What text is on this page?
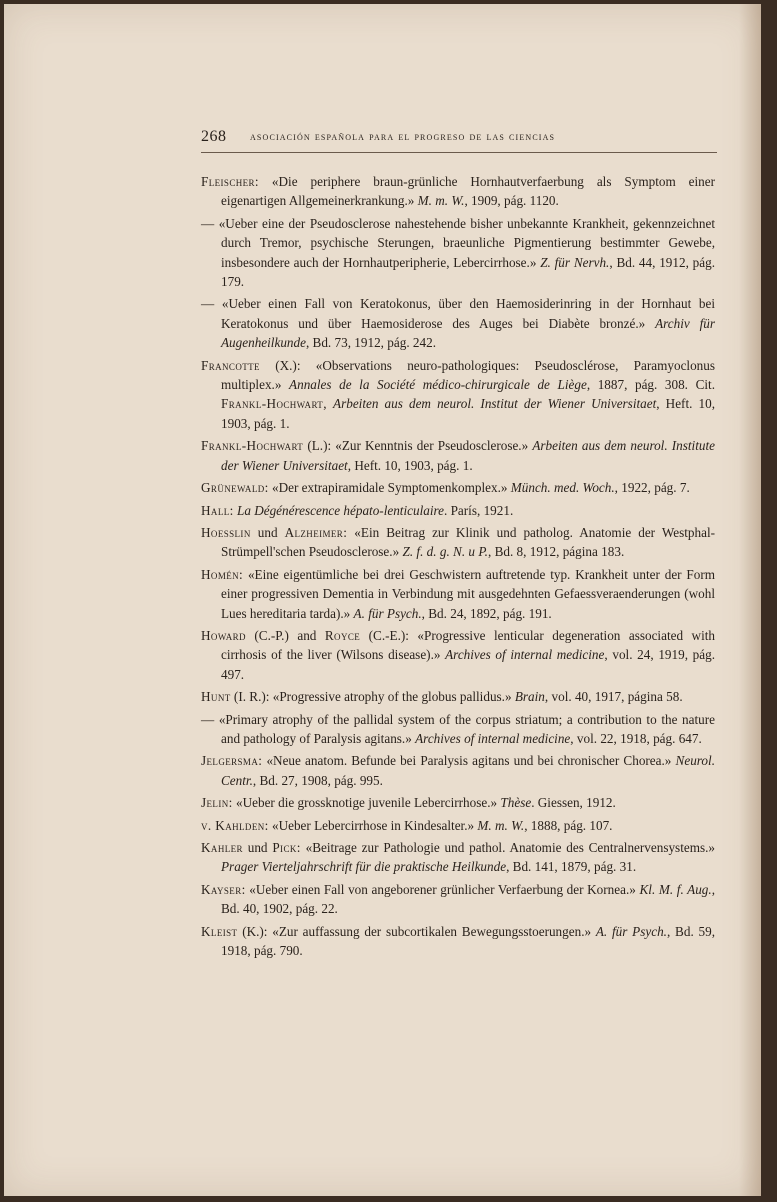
268 asociación española para el progreso de las ciencias

Fleischer: «Die periphere braun-grünliche Hornhautverfaerbung als Symptom einer eigenartigen Allgemeinerkrankung.» M. m. W., 1909, pág. 1120.

— «Ueber eine der Pseudosclerose nahestehende bisher unbekannte Krankheit, gekennzeichnet durch Tremor, psychische Sterungen, braeunliche Pigmentierung bestimmter Gewebe, insbesondere auch der Hornhautperipherie, Lebercirrhose.» Z. für Nervh., Bd. 44, 1912, pág. 179.

— «Ueber einen Fall von Keratokonus, über den Haemosiderinring in der Hornhaut bei Keratokonus und über Haemosiderose des Auges bei Diabète bronzé.» Archiv für Augenheilkunde, Bd. 73, 1912, pág. 242.

Francotte (X.): «Observations neuro-pathologiques: Pseudosclérose, Paramyoclonus multiplex.» Annales de la Société médico-chirurgicale de Liège, 1887, pág. 308. Cit. Frankl-Hochwart, Arbeiten aus dem neurol. Institut der Wiener Universitaet, Heft. 10, 1903, pág. 1.

Frankl-Hochwart (L.): «Zur Kenntnis der Pseudosclerose.» Arbeiten aus dem neurol. Institute der Wiener Universitaet, Heft. 10, 1903, pág. 1.

Grünewald: «Der extrapiramidale Symptomenkomplex.» Münch. med. Woch., 1922, pág. 7.

Hall: La Dégénérescence hépato-lenticulaire. París, 1921.

Hoesslin und Alzheimer: «Ein Beitrag zur Klinik und patholog. Anatomie der Westphal-Strümpell'schen Pseudosclerose.» Z. f. d. g. N. u P., Bd. 8, 1912, página 183.

Homén: «Eine eigentümliche bei drei Geschwistern auftretende typ. Krankheit unter der Form einer progressiven Dementia in Verbindung mit ausgedehnten Gefaessveraenderungen (wohl Lues hereditaria tarda).» A. für Psych., Bd. 24, 1892, pág. 191.

Howard (C.-P.) and Royce (C.-E.): «Progressive lenticular degeneration associated with cirrhosis of the liver (Wilsons disease).» Archives of internal medicine, vol. 24, 1919, pág. 497.

Hunt (I. R.): «Progressive atrophy of the globus pallidus.» Brain, vol. 40, 1917, página 58.

— «Primary atrophy of the pallidal system of the corpus striatum; a contribution to the nature and pathology of Paralysis agitans.» Archives of internal medicine, vol. 22, 1918, pág. 647.

Jelgersma: «Neue anatom. Befunde bei Paralysis agitans und bei chronischer Chorea.» Neurol. Centr., Bd. 27, 1908, pág. 995.

Jelin: «Ueber die grossknotige juvenile Lebercirrhose.» Thèse. Giessen, 1912.

v. Kahlden: «Ueber Lebercirrhose in Kindesalter.» M. m. W., 1888, pág. 107.

Kahler und Pick: «Beitrage zur Pathologie und pathol. Anatomie des Centralnervensystems.» Prager Vierteljahrschrift für die praktische Heilkunde, Bd. 141, 1879, pág. 31.

Kayser: «Ueber einen Fall von angeborener grünlicher Verfaerbung der Kornea.» Kl. M. f. Aug., Bd. 40, 1902, pág. 22.

Kleist (K.): «Zur auffassung der subcortikalen Bewegungsstoerungen.» A. für Psych., Bd. 59, 1918, pág. 790.
